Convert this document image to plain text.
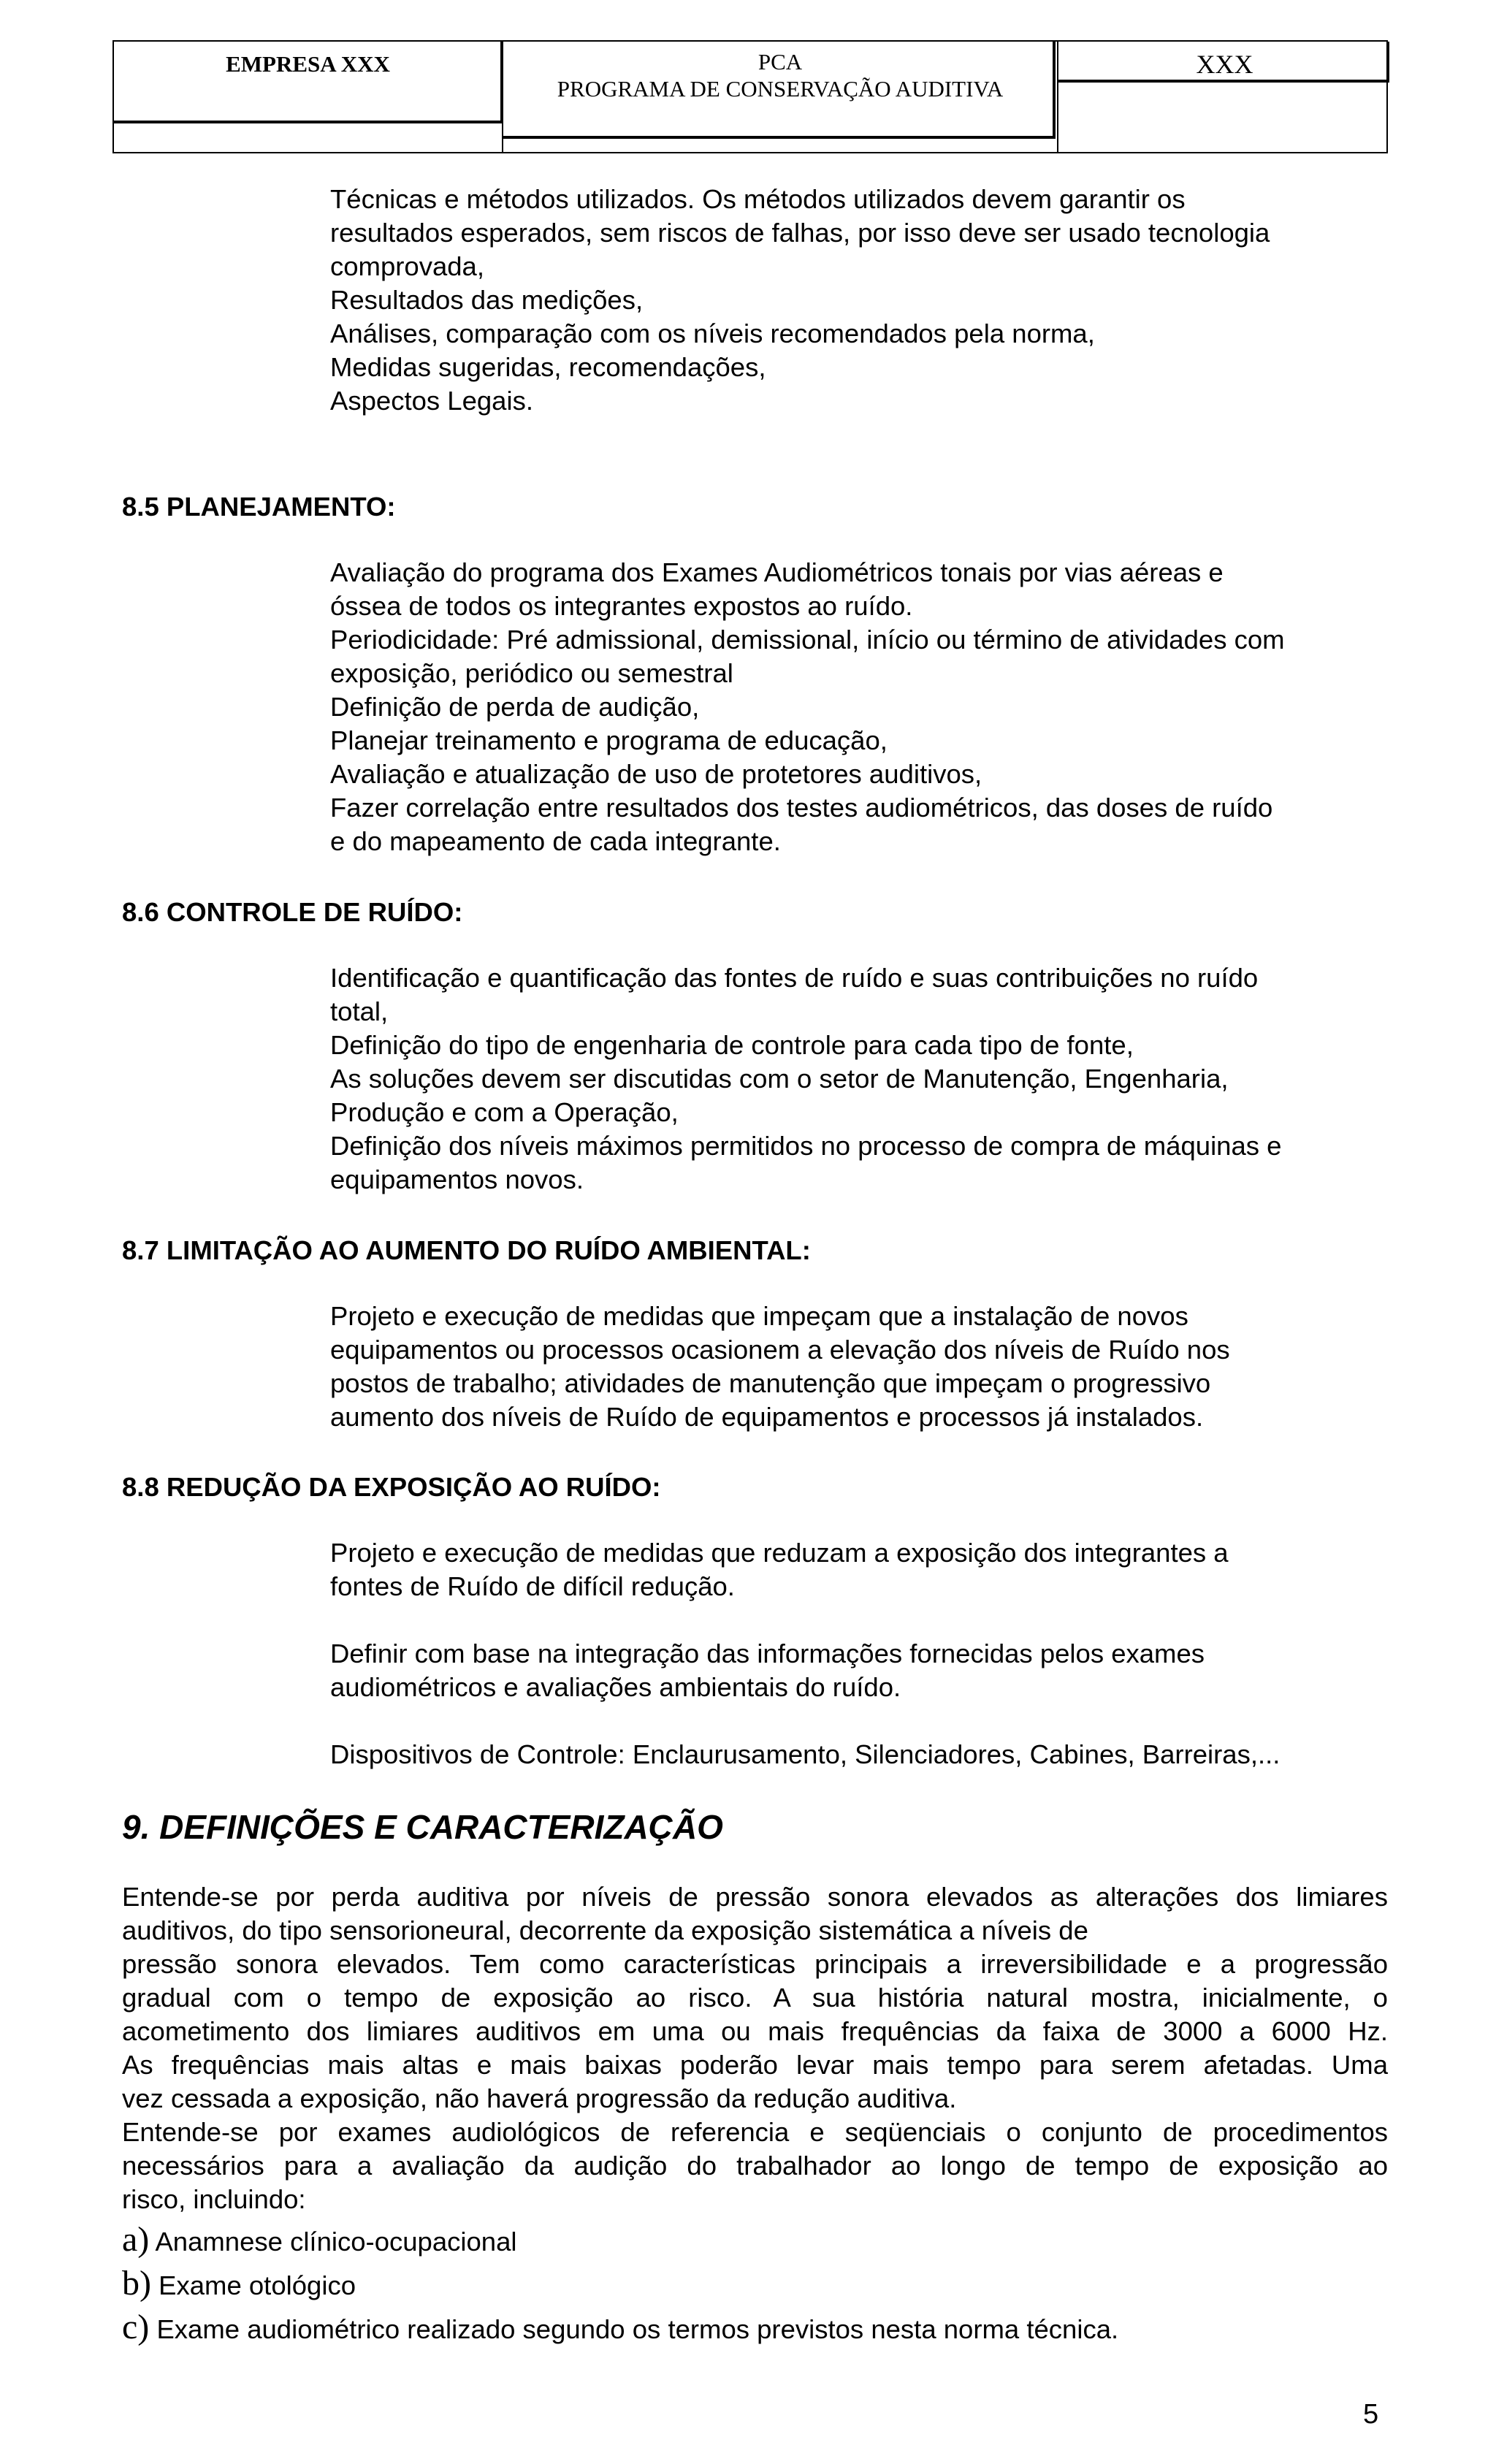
EMPRESA XXX	PCA
PROGRAMA DE CONSERVAÇÃO AUDITIVA
XXX
Técnicas e métodos utilizados. Os métodos utilizados devem garantir os
resultados esperados, sem riscos de falhas, por isso deve ser usado tecnologia
comprovada,
Resultados das medições,
Análises, comparação com os níveis recomendados pela norma,
Medidas sugeridas, recomendações,
Aspectos Legais.
8.5 PLANEJAMENTO:
Avaliação do programa dos Exames Audiométricos tonais por vias aéreas e
óssea de todos os integrantes expostos ao ruído.
Periodicidade: Pré admissional, demissional, início ou término de atividades com
exposição, periódico ou semestral
Definição de perda de audição,
Planejar treinamento e programa de educação,
Avaliação e atualização de uso de protetores auditivos,
Fazer correlação entre resultados dos testes audiométricos, das doses de ruído
e do mapeamento de cada integrante.
8.6 CONTROLE DE RUÍDO:
Identificação e quantificação das fontes de ruído e suas contribuições no ruído
total,
Definição do tipo de engenharia de controle para cada tipo de fonte,
As soluções devem ser discutidas com o setor de Manutenção, Engenharia,
Produção e com a Operação,
Definição dos níveis máximos permitidos no processo de compra de máquinas e
equipamentos novos.
8.7 LIMITAÇÃO AO AUMENTO DO RUÍDO AMBIENTAL:
Projeto e execução de medidas que impeçam que a instalação de novos
equipamentos ou processos ocasionem a elevação dos níveis de Ruído nos
postos de trabalho; atividades de manutenção que impeçam o progressivo
aumento dos níveis de Ruído de equipamentos e processos já instalados.
8.8 REDUÇÃO DA EXPOSIÇÃO AO RUÍDO:
Projeto e execução de medidas que reduzam a exposição dos integrantes a
fontes de Ruído de difícil redução.
Definir com base na integração das informações fornecidas pelos exames
audiométricos e avaliações ambientais do ruído.
Dispositivos de Controle: Enclaurusamento, Silenciadores, Cabines, Barreiras,...
9. DEFINIÇÕES E CARACTERIZAÇÃO
Entende-se por perda auditiva por níveis de pressão sonora elevados as alterações dos limiares
auditivos, do tipo sensorioneural, decorrente da exposição sistemática a níveis de
pressão sonora elevados. Tem como características principais a irreversibilidade e a progressão
gradual com o tempo de exposição ao risco. A sua história natural mostra, inicialmente, o
acometimento dos limiares auditivos em uma ou mais frequências da faixa de 3000 a 6000 Hz.
As frequências mais altas e mais baixas poderão levar mais tempo para serem afetadas. Uma
vez cessada a exposição, não haverá progressão da redução auditiva.
Entende-se por exames audiológicos de referencia e seqüenciais o conjunto de procedimentos
necessários para a avaliação da audição do trabalhador ao longo de tempo de exposição ao
risco, incluindo:
a) Anamnese clínico-ocupacional
b) Exame otológico
c) Exame audiométrico realizado segundo os termos previstos nesta norma técnica.
5
